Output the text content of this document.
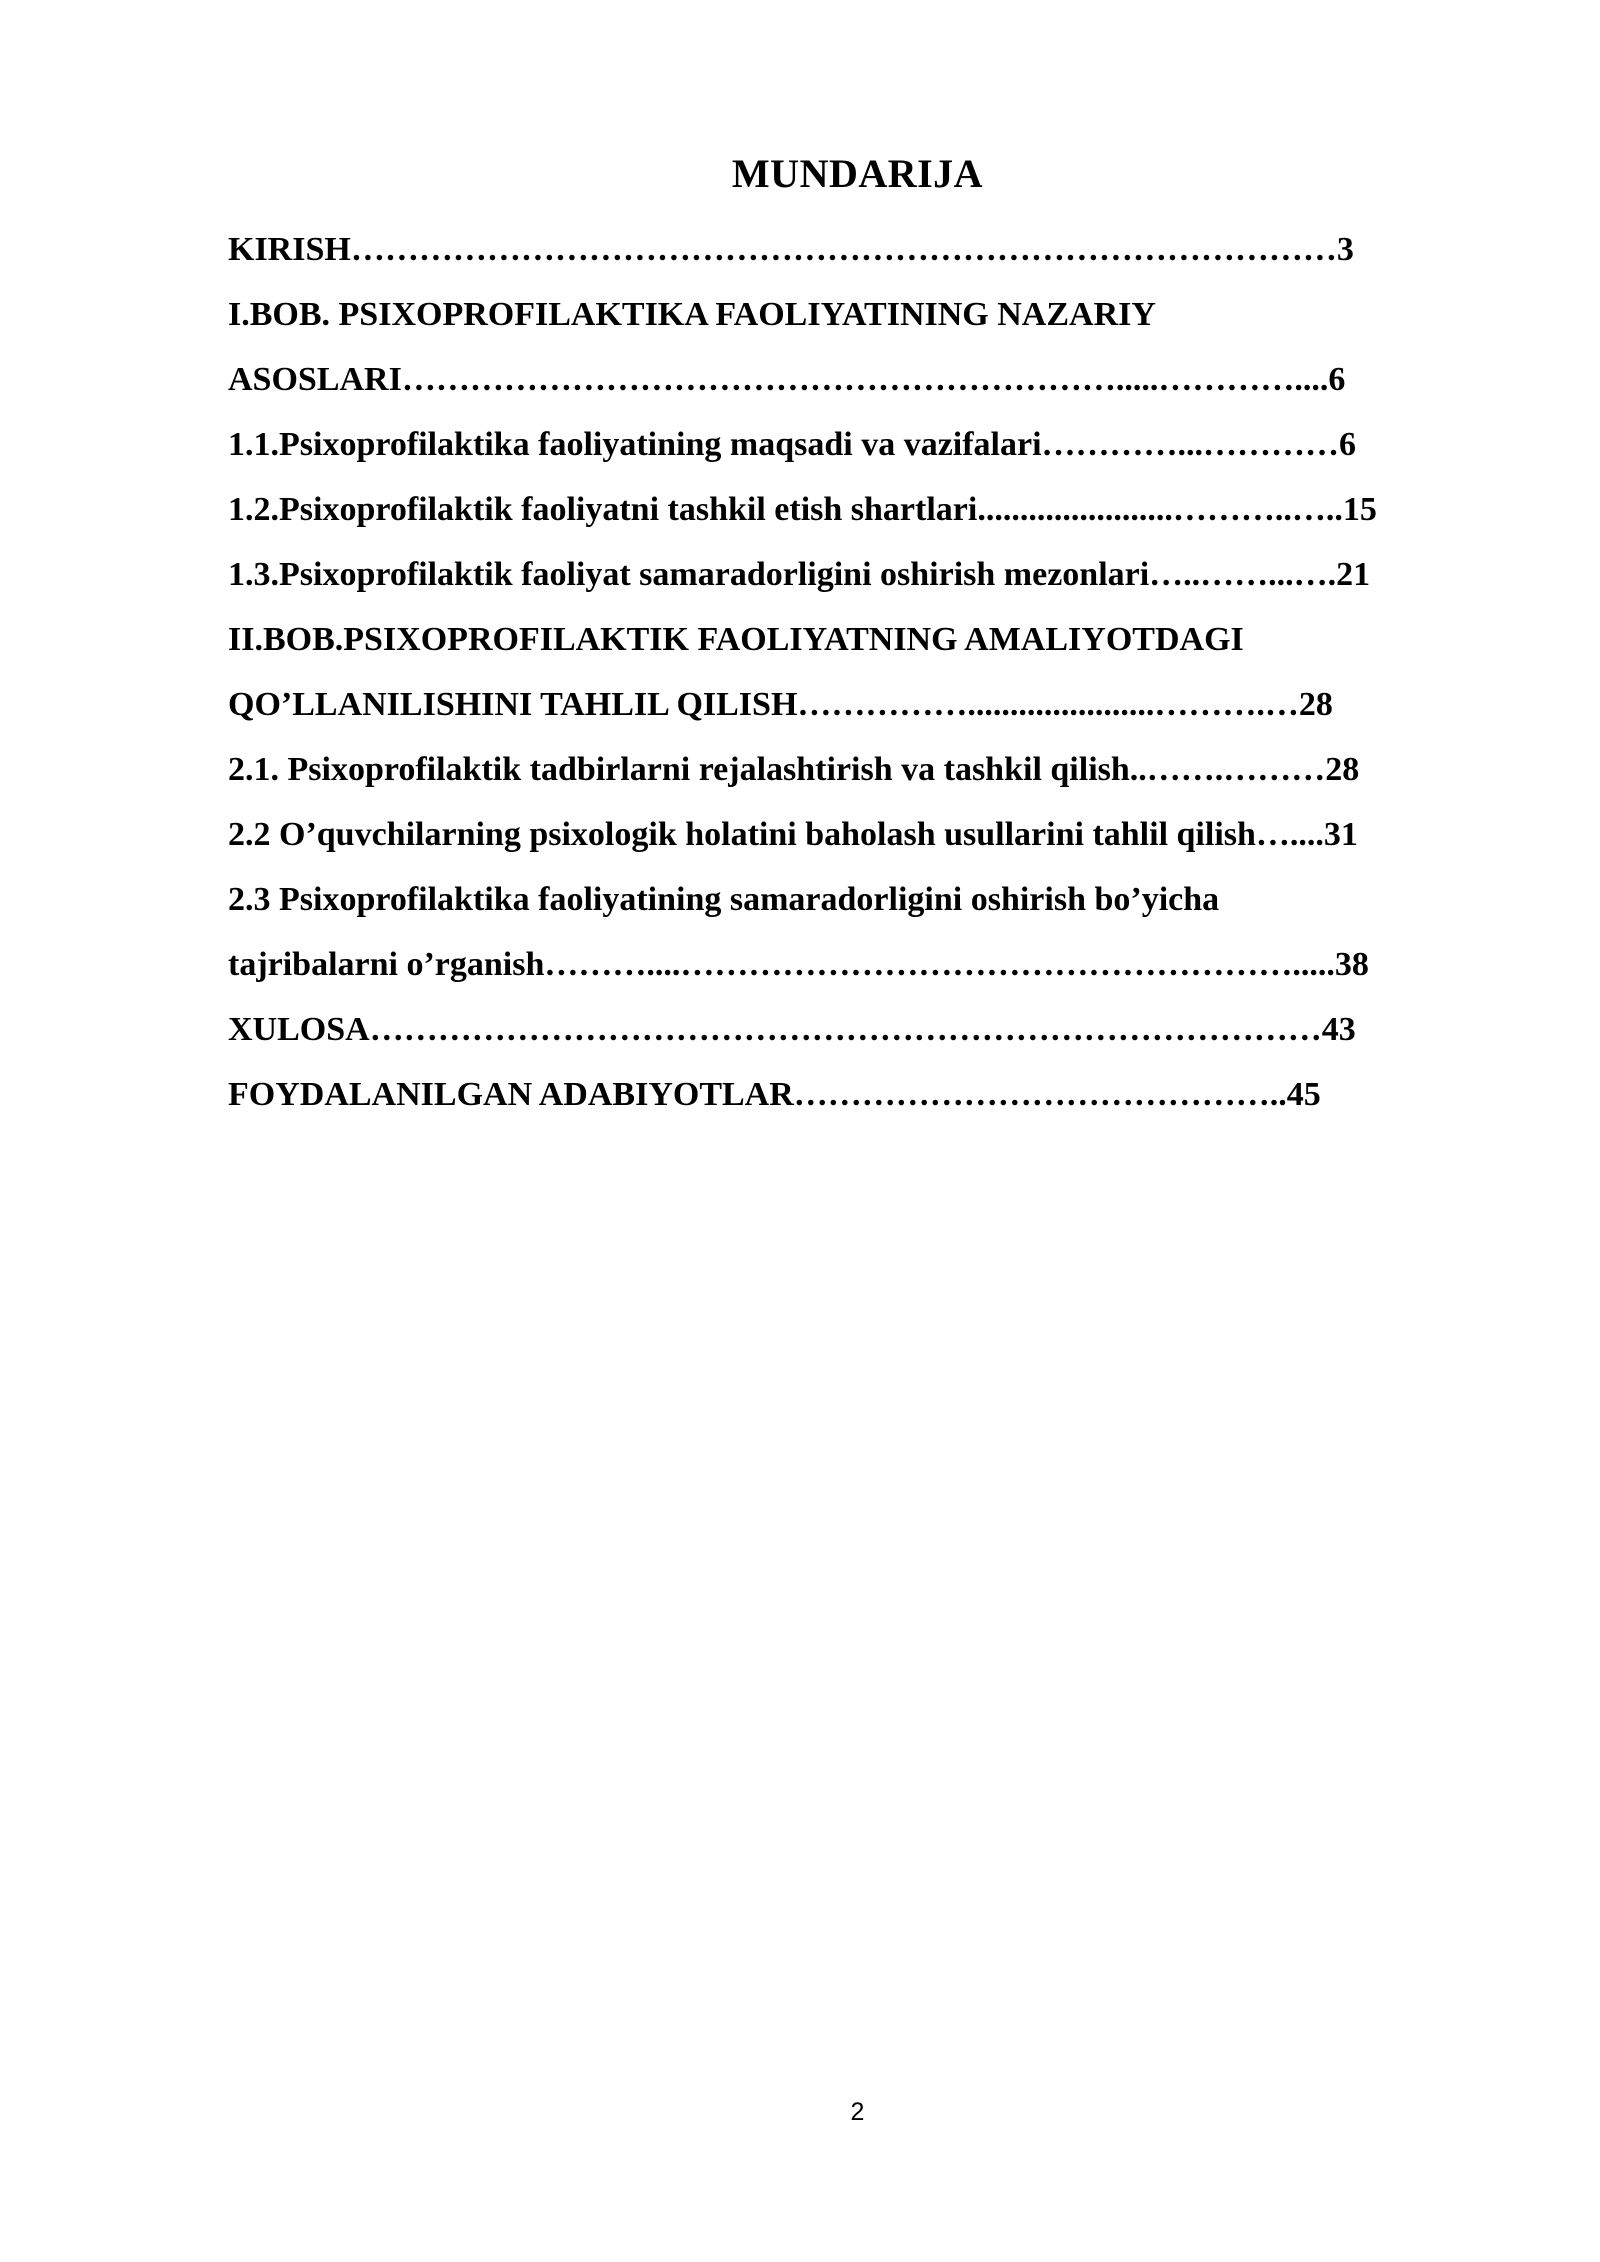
MUNDARIJA
KIRISH……………………………………………………………………………3
I.BOB. PSIXOPROFILAKTIKA FAOLIYATINING NAZARIY
ASOSLARI……………………………………………………….....…………....6
1.1.Psixoprofilaktika faoliyatining maqsadi va vazifalari…………...…………6
1.2.Psixoprofilaktik faoliyatni tashkil etish shartlari.......................………..…..15
1.3.Psixoprofilaktik faoliyat samaradorligini oshirish mezonlari…..……...….21
II.BOB.PSIXOPROFILAKTIK FAOLIYATNING AMALIYOTDAGI
QO’LLANILISHINI TAHLIL QILISH……………......................……….…28
2.1. Psixoprofilaktik tadbirlarni rejalashtirish va tashkil qilish..…….………28
2.2 O’quvchilarning psixologik holatini baholash usullarini tahlil qilish…....31
2.3 Psixoprofilaktika faoliyatining samaradorligini oshirish bo’yicha
tajribalarni o’rganish………....……………………………………………….....38
XULOSA…………………………………………………………………………43
FOYDALANILGAN ADABIYOTLAR……………………………………..45
2
